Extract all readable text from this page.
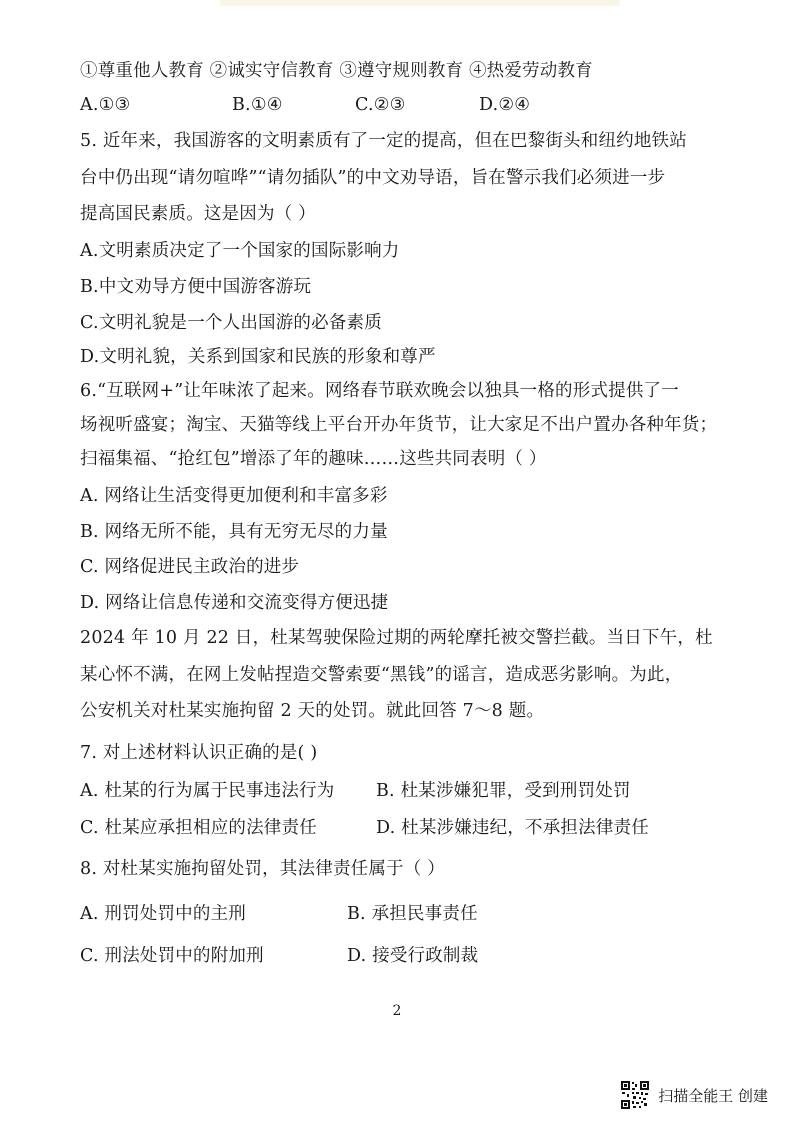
①尊重他人教育 ②诚实守信教育 ③遵守规则教育 ④热爱劳动教育
A.①③	B.①④	C.②③	D.②④
5. 近年来，我国游客的文明素质有了一定的提高，但在巴黎街头和纽约地铁站
台中仍出现“请勿喧哗”“请勿插队”的中文劝导语，旨在警示我们必须进一步
提高国民素质。这是因为（ ）
A.文明素质决定了一个国家的国际影响力
B.中文劝导方便中国游客游玩
C.文明礼貌是一个人出国游的必备素质
D.文明礼貌，关系到国家和民族的形象和尊严
6.“互联网+”让年味浓了起来。网络春节联欢晚会以独具一格的形式提供了一
场视听盛宴；淘宝、天猫等线上平台开办年货节，让大家足不出户置办各种年货；
扫福集福、“抢红包”增添了年的趣味……这些共同表明（ ）
A. 网络让生活变得更加便利和丰富多彩
B. 网络无所不能，具有无穷无尽的力量
C. 网络促进民主政治的进步
D. 网络让信息传递和交流变得方便迅捷
2024 年 10 月 22 日，杜某驾驶保险过期的两轮摩托被交警拦截。当日下午，杜
某心怀不满，在网上发帖捏造交警索要“黑钱”的谣言，造成恶劣影响。为此，
公安机关对杜某实施拘留 2 天的处罚。就此回答 7～8 题。
7. 对上述材料认识正确的是( )
A. 杜某的行为属于民事违法行为 B. 杜某涉嫌犯罪，受到刑罚处罚
C. 杜某应承担相应的法律责任	D. 杜某涉嫌违纪，不承担法律责任
8. 对杜某实施拘留处罚，其法律责任属于（ ）
A. 刑罚处罚中的主刑	B. 承担民事责任
C. 刑法处罚中的附加刑	D. 接受行政制裁
2
扫描全能王 创建
